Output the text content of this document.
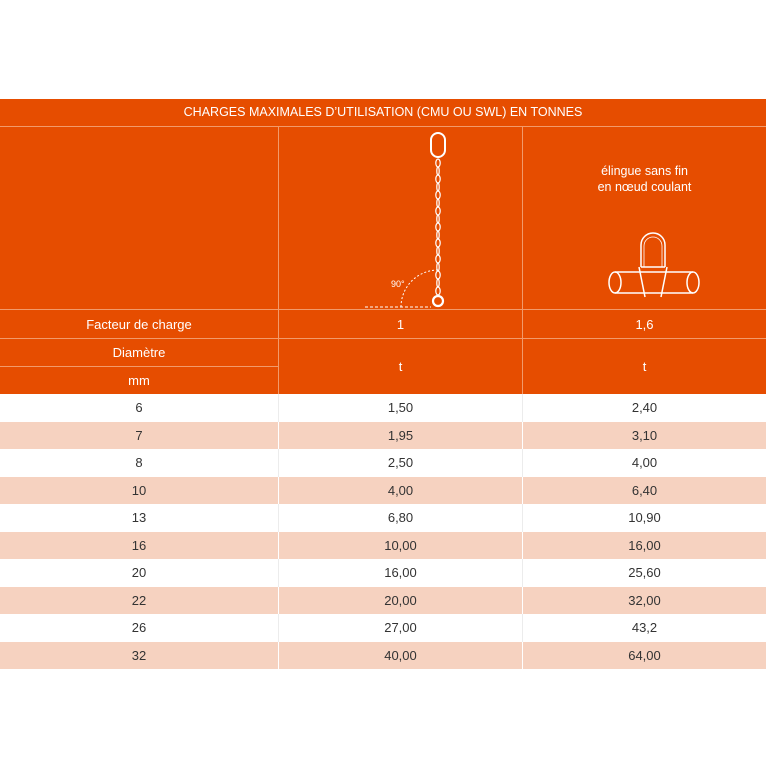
CHARGES MAXIMALES D’UTILISATION (CMU OU SWL) EN TONNES
90°
élingue sans fin
en nœud coulant
Facteur de charge	1	1,6
Diamètre
mm
t	t
6	1,50	2,40
7	1,95	3,10
8	2,50	4,00
10	4,00	6,40
13	6,80	10,90
16	10,00	16,00
20	16,00	25,60
22	20,00	32,00
26	27,00	43,2
32	40,00	64,00
